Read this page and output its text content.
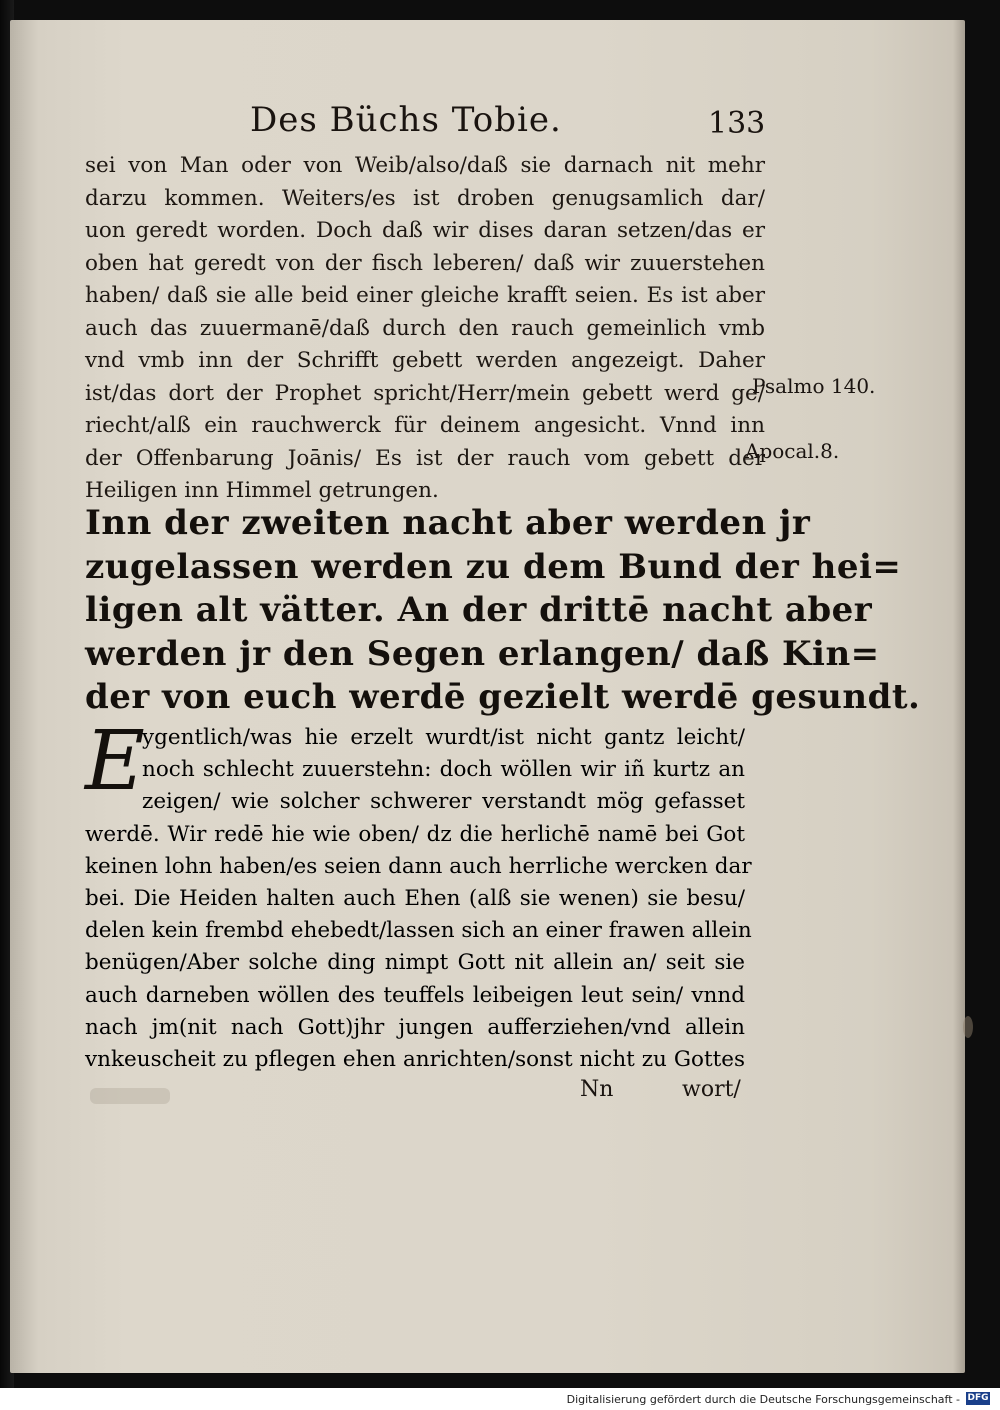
Des Büchs Tobie.	133
sei von Man oder von Weib/also/daß sie darnach nit mehr
darzu kommen. Weiters/es ist droben genugsamlich dar/
uon geredt worden. Doch daß wir dises daran setzen/das er
oben hat geredt von der fisch leberen/ daß wir zuuerstehen
haben/ daß sie alle beid einer gleiche krafft seien. Es ist aber
auch das zuuermanē/daß durch den rauch gemeinlich vmb
vnd vmb inn der Schrifft gebett werden angezeigt. Daher
ist/das dort der Prophet spricht/Herr/mein gebett werd ge/
riecht/alß ein rauchwerck für deinem angesicht. Vnnd inn
der Offenbarung Joānis/ Es ist der rauch vom gebett der
Heiligen inn Himmel getrungen.
Psalmo 140.
Apocal.8.
Inn der zweiten nacht aber werden jr
zugelassen werden zu dem Bund der hei=
ligen alt vätter. An der drittē nacht aber
werden jr den Segen erlangen/ daß Kin=
der von euch werdē gezielt werdē gesundt.
E
ygentlich/was hie erzelt wurdt/ist nicht gantz leicht/
noch schlecht zuuerstehn: doch wöllen wir iñ kurtz an
zeigen/ wie solcher schwerer verstandt mög gefasset
werdē. Wir redē hie wie oben/ dz die herlichē namē bei Got
keinen lohn haben/es seien dann auch herrliche wercken dar
bei. Die Heiden halten auch Ehen (alß sie wenen) sie besu/
delen kein frembd ehebedt/lassen sich an einer frawen allein
benügen/Aber solche ding nimpt Gott nit allein an/ seit sie
auch darneben wöllen des teuffels leibeigen leut sein/ vnnd
nach jm(nit nach Gott)jhr jungen aufferziehen/vnd allein
vnkeuscheit zu pflegen ehen anrichten/sonst nicht zu Gottes
Nn	wort/
Digitalisierung gefördert durch die Deutsche Forschungsgemeinschaft - DFG
